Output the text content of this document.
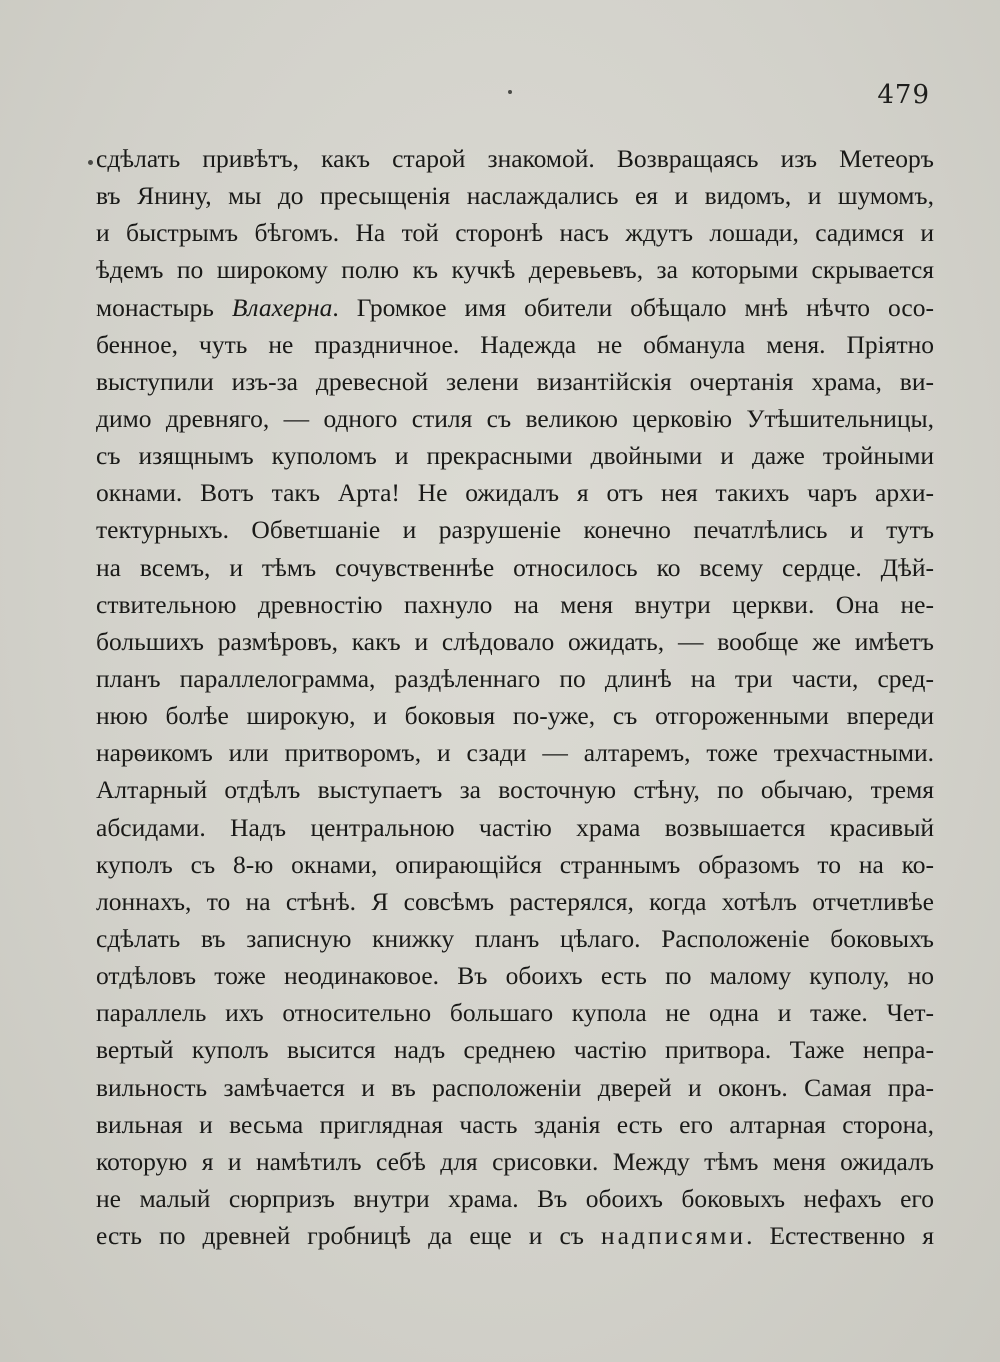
479
сдѣлать привѣтъ, какъ старой знакомой. Возвращаясь изъ Метеоръ
въ Янину, мы до пресыщенія наслаждались ея и видомъ, и шумомъ,
и быстрымъ бѣгомъ. На той сторонѣ насъ ждутъ лошади, садимся и
ѣдемъ по широкому полю къ кучкѣ деревьевъ, за которыми скрывается
монастырь Влахерна. Громкое имя обители обѣщало мнѣ нѣчто осо-
бенное, чуть не праздничное. Надежда не обманула меня. Пріятно
выступили изъ-за древесной зелени византійскія очертанія храма, ви-
димо древняго, — одного стиля съ великою церковію Утѣшительницы,
съ изящнымъ куполомъ и прекрасными двойными и даже тройными
окнами. Вотъ такъ Арта! Не ожидалъ я отъ нея такихъ чаръ архи-
тектурныхъ. Обветшаніе и разрушеніе конечно печатлѣлись и тутъ
на всемъ, и тѣмъ сочувственнѣе относилось ко всему сердце. Дѣй-
ствительною древностію пахнуло на меня внутри церкви. Она не-
большихъ размѣровъ, какъ и слѣдовало ожидать, — вообще же имѣетъ
планъ параллелограмма, раздѣленнаго по длинѣ на три части, сред-
нюю болѣе широкую, и боковыя по-уже, съ отгороженными впереди
нарѳикомъ или притворомъ, и сзади — алтаремъ, тоже трехчастными.
Алтарный отдѣлъ выступаетъ за восточную стѣну, по обычаю, тремя
абсидами. Надъ центральною частію храма возвышается красивый
куполъ съ 8-ю окнами, опирающійся страннымъ образомъ то на ко-
лоннахъ, то на стѣнѣ. Я совсѣмъ растерялся, когда хотѣлъ отчетливѣе
сдѣлать въ записную книжку планъ цѣлаго. Расположеніе боковыхъ
отдѣловъ тоже неодинаковое. Въ обоихъ есть по малому куполу, но
параллель ихъ относительно большаго купола не одна и таже. Чет-
вертый куполъ высится надъ среднею частію притвора. Таже непра-
вильность замѣчается и въ расположеніи дверей и оконъ. Самая пра-
вильная и весьма приглядная часть зданія есть его алтарная сторона,
которую я и намѣтилъ себѣ для срисовки. Между тѣмъ меня ожидалъ
не малый сюрпризъ внутри храма. Въ обоихъ боковыхъ нефахъ его
есть по древней гробницѣ да еще и съ надписями. Естественно я
